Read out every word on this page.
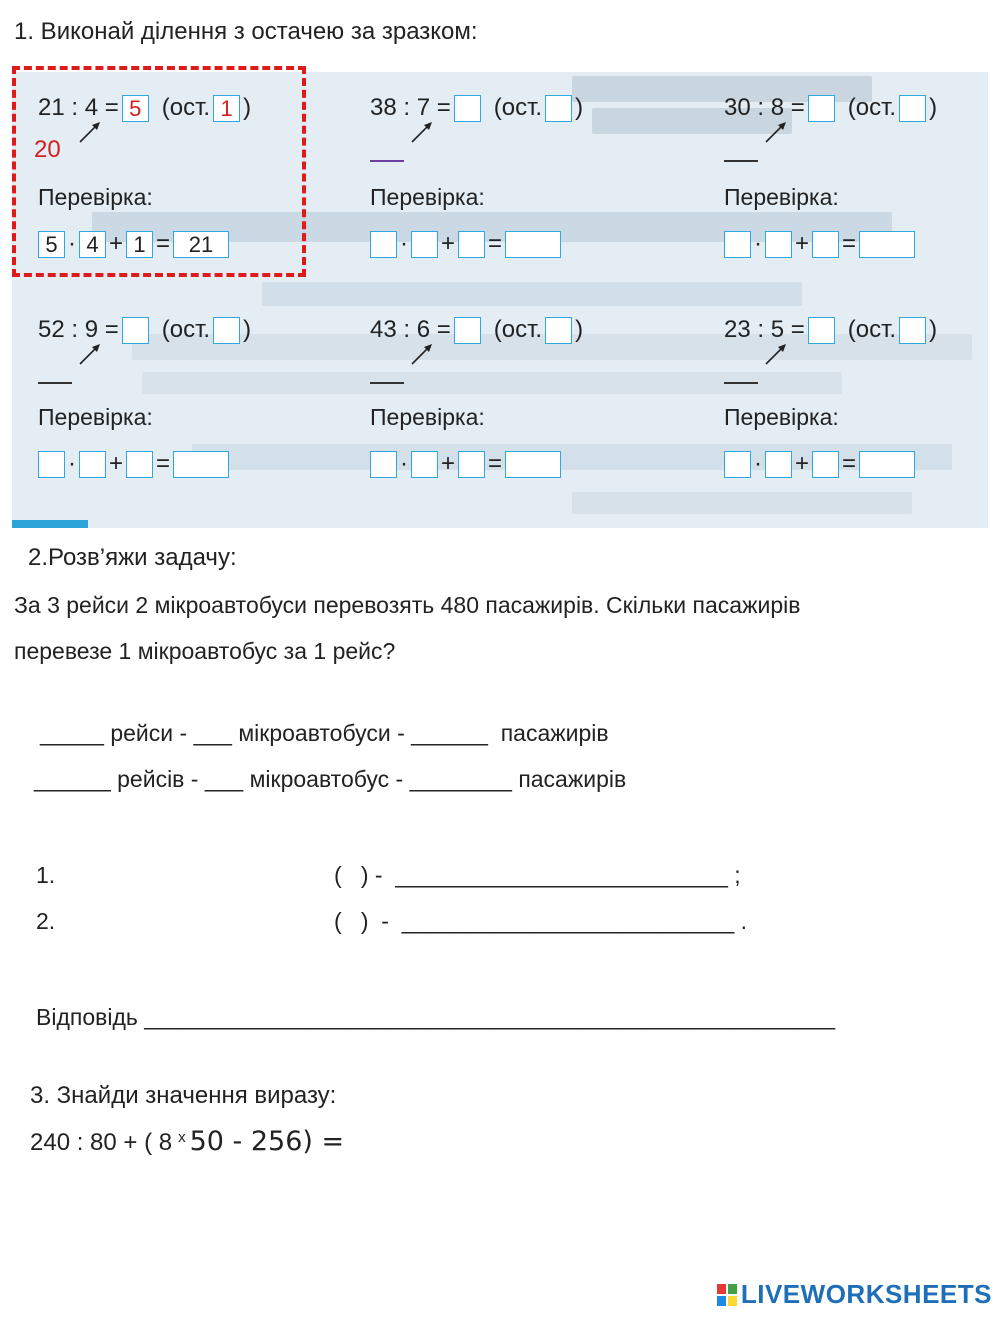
1. Виконай ділення з остачею за зразком:
21 : 4 = 5 (ост. 1 )
20
Перевірка:
5 · 4 + 1 = 21
38 : 7 = (ост. )
Перевірка:
· + =
30 : 8 = (ост. )
Перевірка:
· + =
52 : 9 = (ост. )
Перевірка:
· + =
43 : 6 = (ост. )
Перевірка:
· + =
23 : 5 = (ост. )
Перевірка:
· + =
2.Розв’яжи задачу:
За 3 рейси 2 мікроавтобуси перевозять 480 пасажирів. Скільки пасажирів
перевезе 1 мікроавтобус за 1 рейс?
_____ рейси - ___ мікроавтобуси - ______  пасажирів
______ рейсів - ___ мікроавтобус - ________ пасажирів
1.	(   ) -  __________________________ ;
2.	(   )  -  __________________________ .
Відповідь ______________________________________________________
3. Знайди значення виразу:
240 : 80 + ( 8 x 50 - 256) =
LIVEWORKSHEETS
